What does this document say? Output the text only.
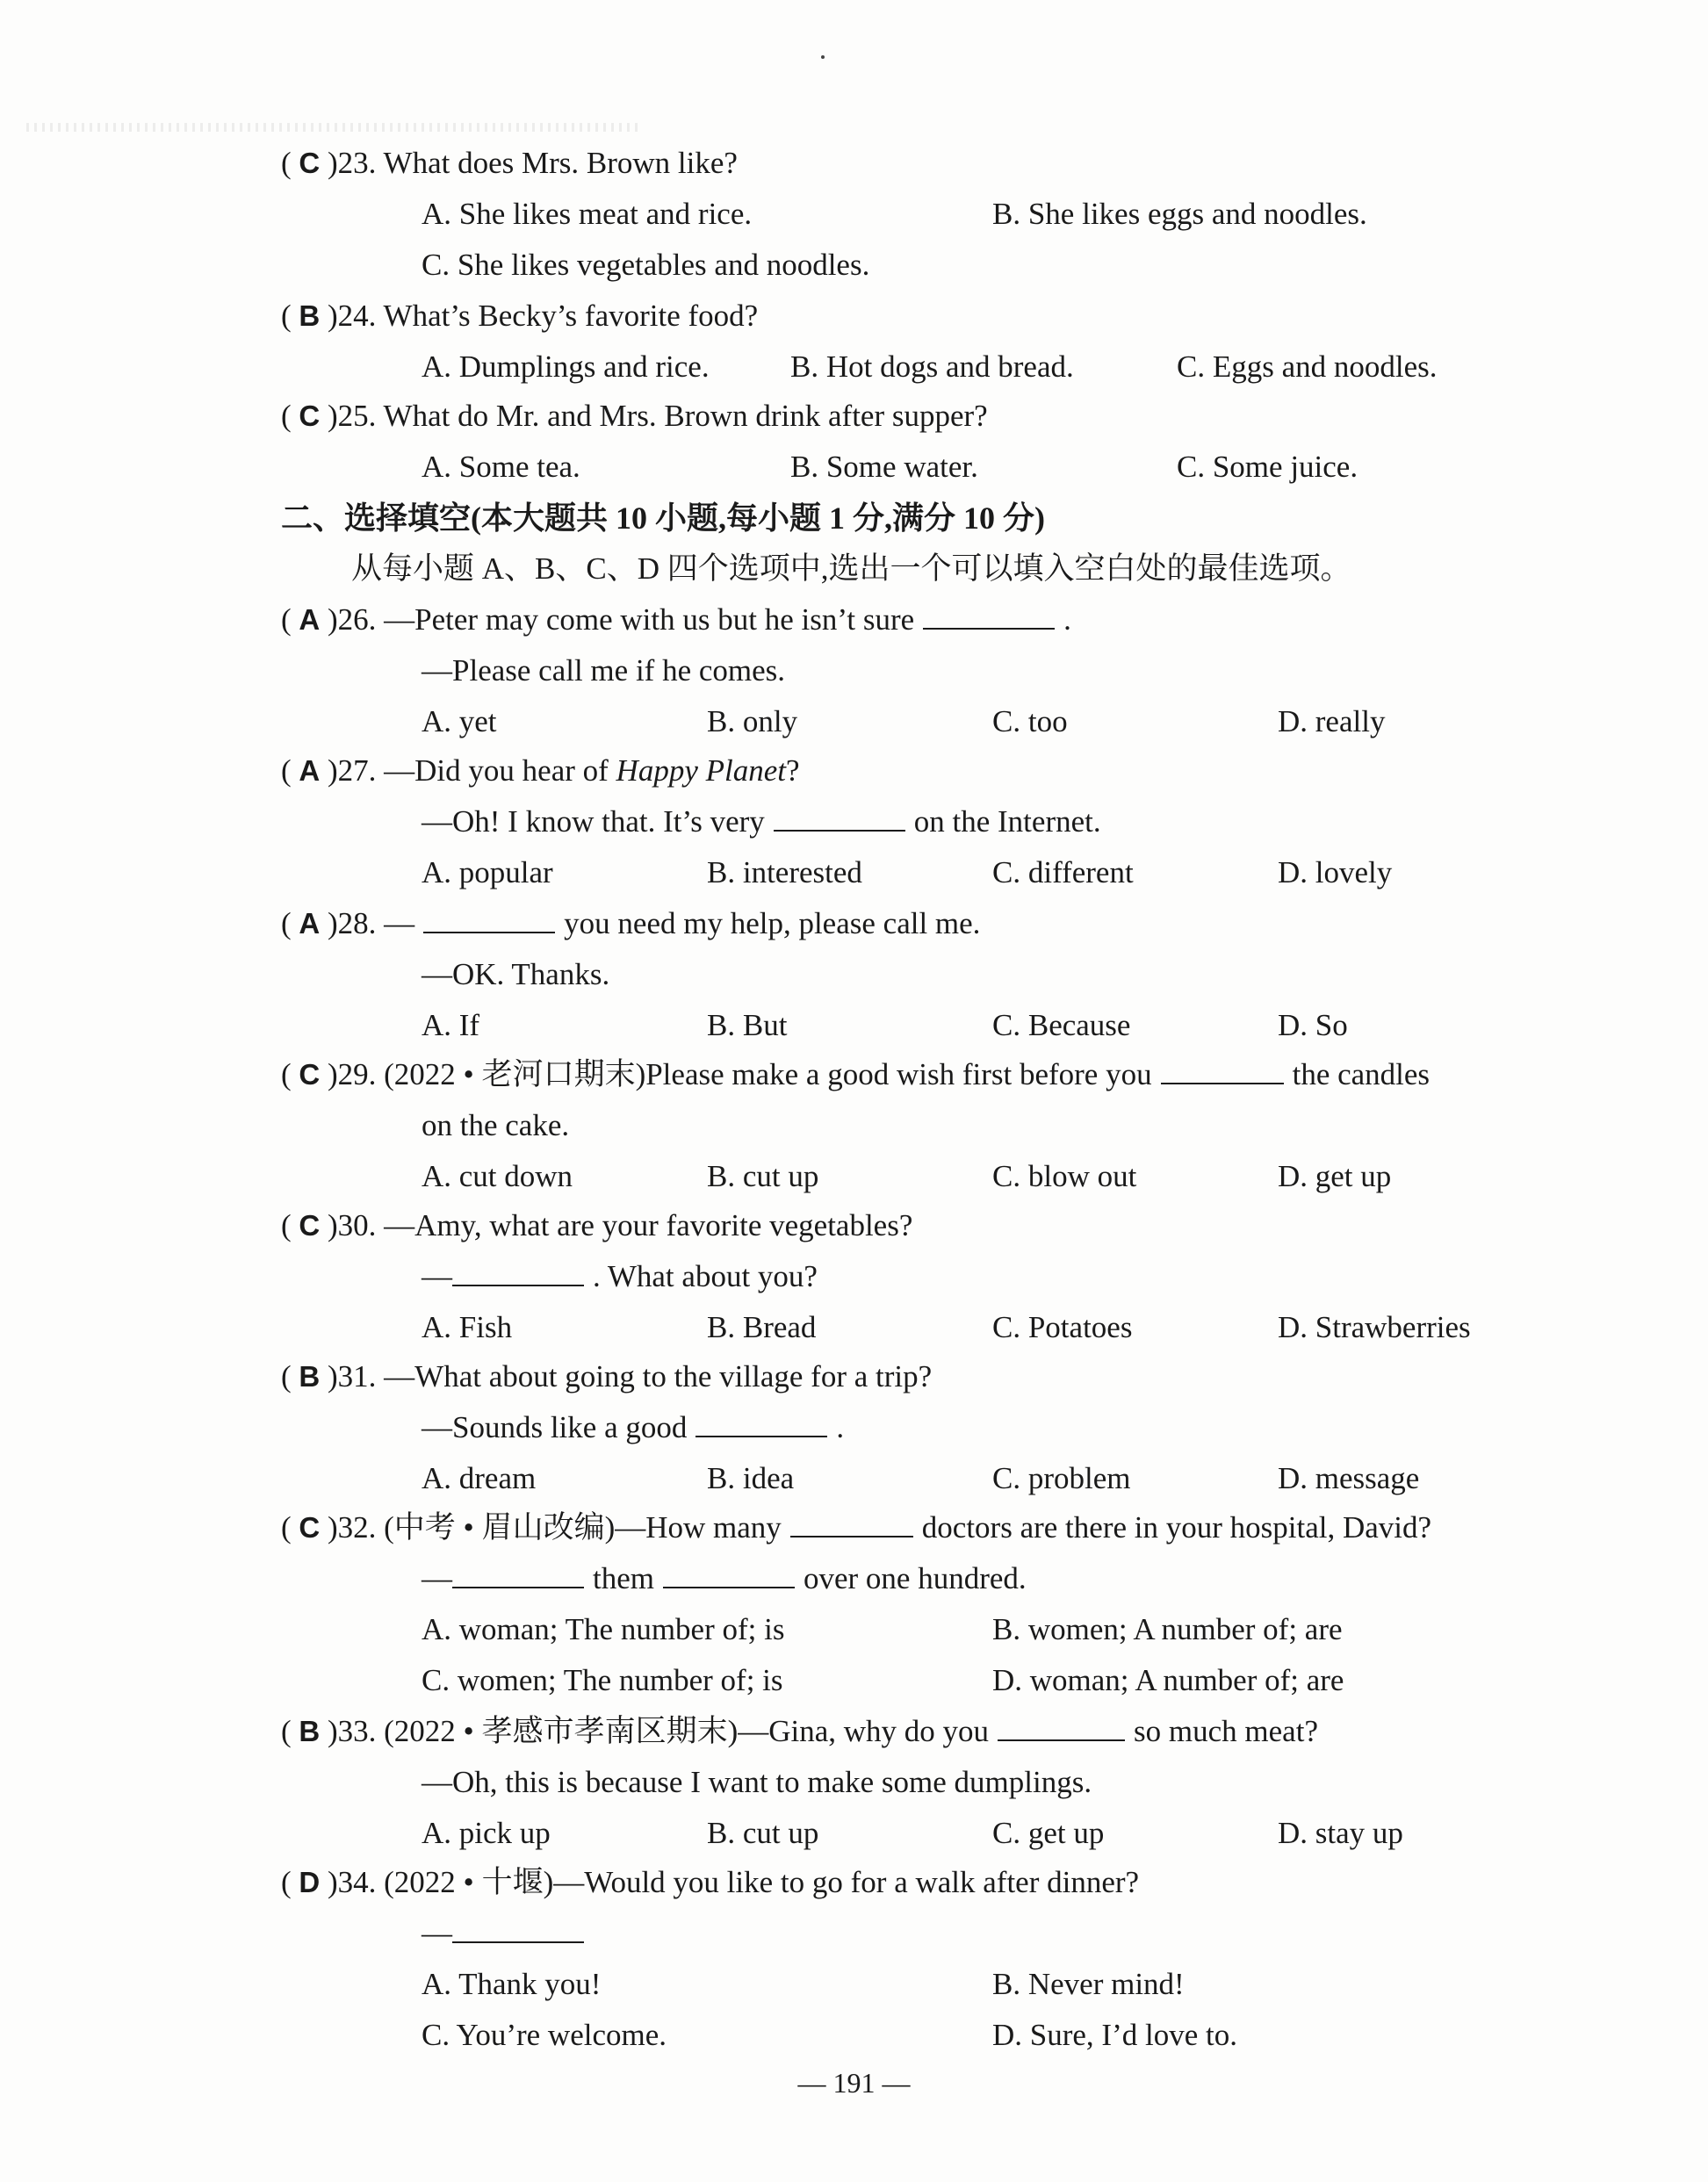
( C )23. What does Mrs. Brown like?
A. She likes meat and rice.	B. She likes eggs and noodles.
C. She likes vegetables and noodles.
( B )24. What’s Becky’s favorite food?
A. Dumplings and rice.	B. Hot dogs and bread.	C. Eggs and noodles.
( C )25. What do Mr. and Mrs. Brown drink after supper?
A. Some tea.	B. Some water.	C. Some juice.
二、选择填空(本大题共 10 小题,每小题 1 分,满分 10 分)
从每小题 A、B、C、D 四个选项中,选出一个可以填入空白处的最佳选项。
( A )26. —Peter may come with us but he isn’t sure	.
—Please call me if he comes.
A. yet	B. only	C. too	D. really
( A )27. —Did you hear of Happy Planet?
—Oh! I know that. It’s very	on the Internet.
A. popular	B. interested	C. different	D. lovely
( A )28. —	you need my help, please call me.
—OK. Thanks.
A. If	B. But	C. Because	D. So
( C )29. (2022 • 老河口期末)Please make a good wish first before you	the candles
on the cake.
A. cut down	B. cut up	C. blow out	D. get up
( C )30. —Amy, what are your favorite vegetables?
—	. What about you?
A. Fish	B. Bread	C. Potatoes	D. Strawberries
( B )31. —What about going to the village for a trip?
—Sounds like a good	.
A. dream	B. idea	C. problem	D. message
( C )32. (中考 • 眉山改编)—How many	doctors are there in your hospital, David?
—	them	over one hundred.
A. woman; The number of; is	B. women; A number of; are
C. women; The number of; is	D. woman; A number of; are
( B )33. (2022 • 孝感市孝南区期末)—Gina, why do you	so much meat?
—Oh, this is because I want to make some dumplings.
A. pick up	B. cut up	C. get up	D. stay up
( D )34. (2022 • 十堰)—Would you like to go for a walk after dinner?
—
A. Thank you!	B. Never mind!
C. You’re welcome.	D. Sure, I’d love to.
— 191 —
